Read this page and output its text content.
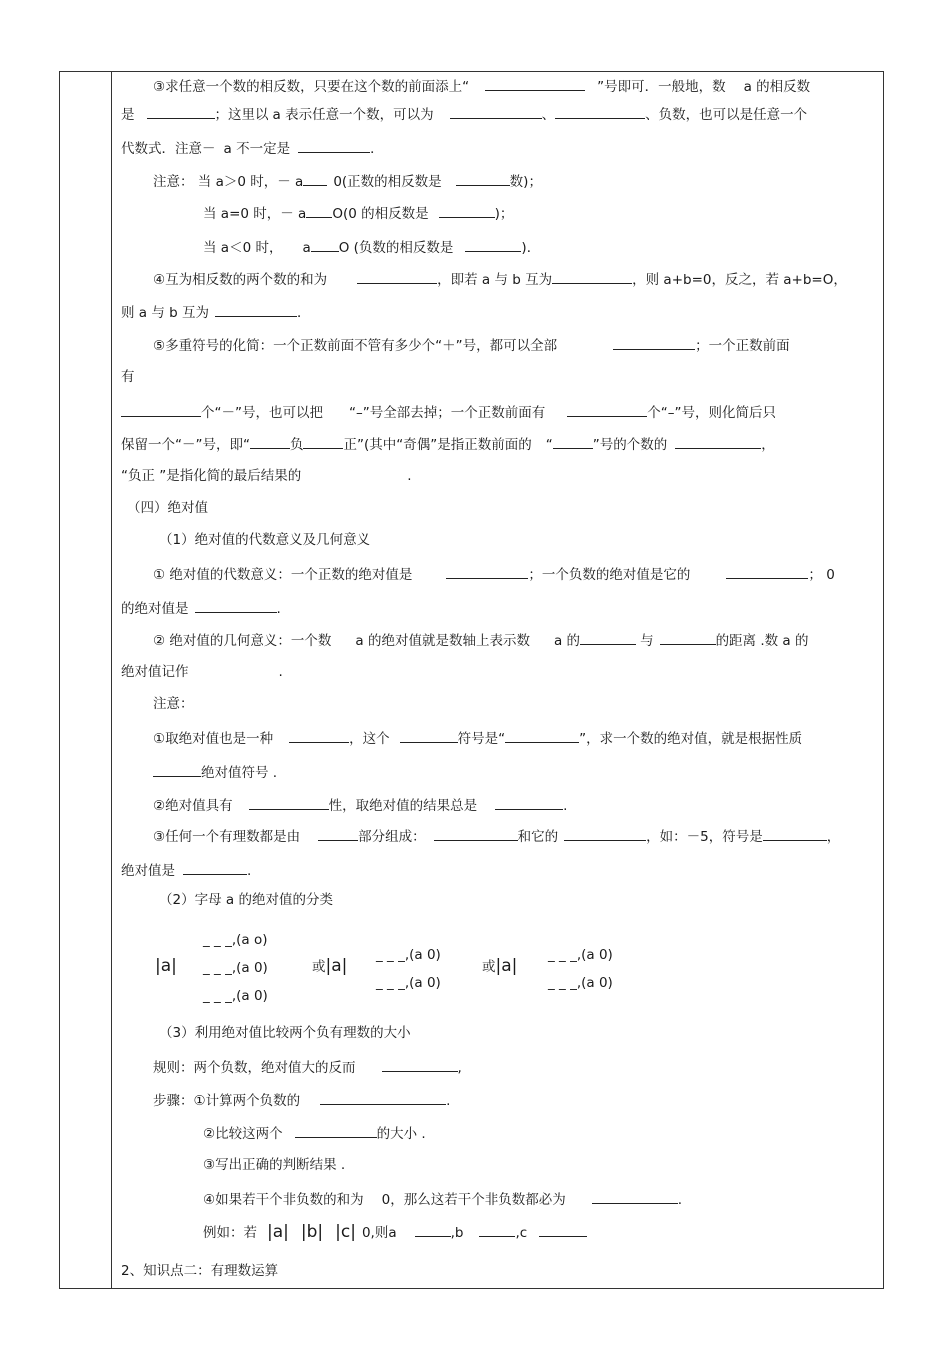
③求任意一个数的相反数，只要在这个数的前面添上“	”号即可．一般地，数 a 的相反数
是	；这里以 a 表示任意一个数，可以为	、	、负数，也可以是任意一个
代数式．注意－ a 不一定是	．
注意： 当 a＞0 时，－ a 0(正数的相反数是	数)；
当 a=0 时，－ a O(0 的相反数是	)；
当 a＜0 时， a O (负数的相反数是	)．
④互为相反数的两个数的和为	，即若 a 与 b 互为	，则 a+b=0，反之，若 a+b=O，
则 a 与 b 互为	．
⑤多重符号的化简：一个正数前面不管有多少个“＋”号，都可以全部	；一个正数前面
有
个“－”号，也可以把 “–”号全部去掉；一个正数前面有	个“–”号，则化简后只
保留一个“－”号，即“	负	正”(其中“奇偶”是指正数前面的 “	”号的个数的	，
“负正 ”是指化简的最后结果的	.
（四）绝对值
（1）绝对值的代数意义及几何意义
① 绝对值的代数意义：一个正数的绝对值是	；一个负数的绝对值是它的	； 0
的绝对值是	.
② 绝对值的几何意义：一个数 a 的绝对值就是数轴上表示数 a 的	与	的距离 .数 a 的
绝对值记作	.
注意：
①取绝对值也是一种	，这个	符号是“	”，求一个数的绝对值，就是根据性质
绝对值符号 .
②绝对值具有	性，取绝对值的结果总是	.
③任何一个有理数都是由	部分组成：	和它的	，如：－5，符号是	，
绝对值是	.
（2）字母 a 的绝对值的分类
|a|
_ _ _,(a o)
_ _ _,(a 0)
_ _ _,(a 0)
或|a|
_ _ _,(a 0)
_ _ _,(a 0)
或|a|
_ _ _,(a 0)
_ _ _,(a 0)
（3）利用绝对值比较两个负有理数的大小
规则：两个负数，绝对值大的反而	,
步骤：①计算两个负数的	.
②比较这两个	的大小 .
③写出正确的判断结果 .
④如果若干个非负数的和为 0，那么这若干个非负数都必为	.
例如：若 |a| |b| |c| 0,则a	,b	,c
2、知识点二：有理数运算
